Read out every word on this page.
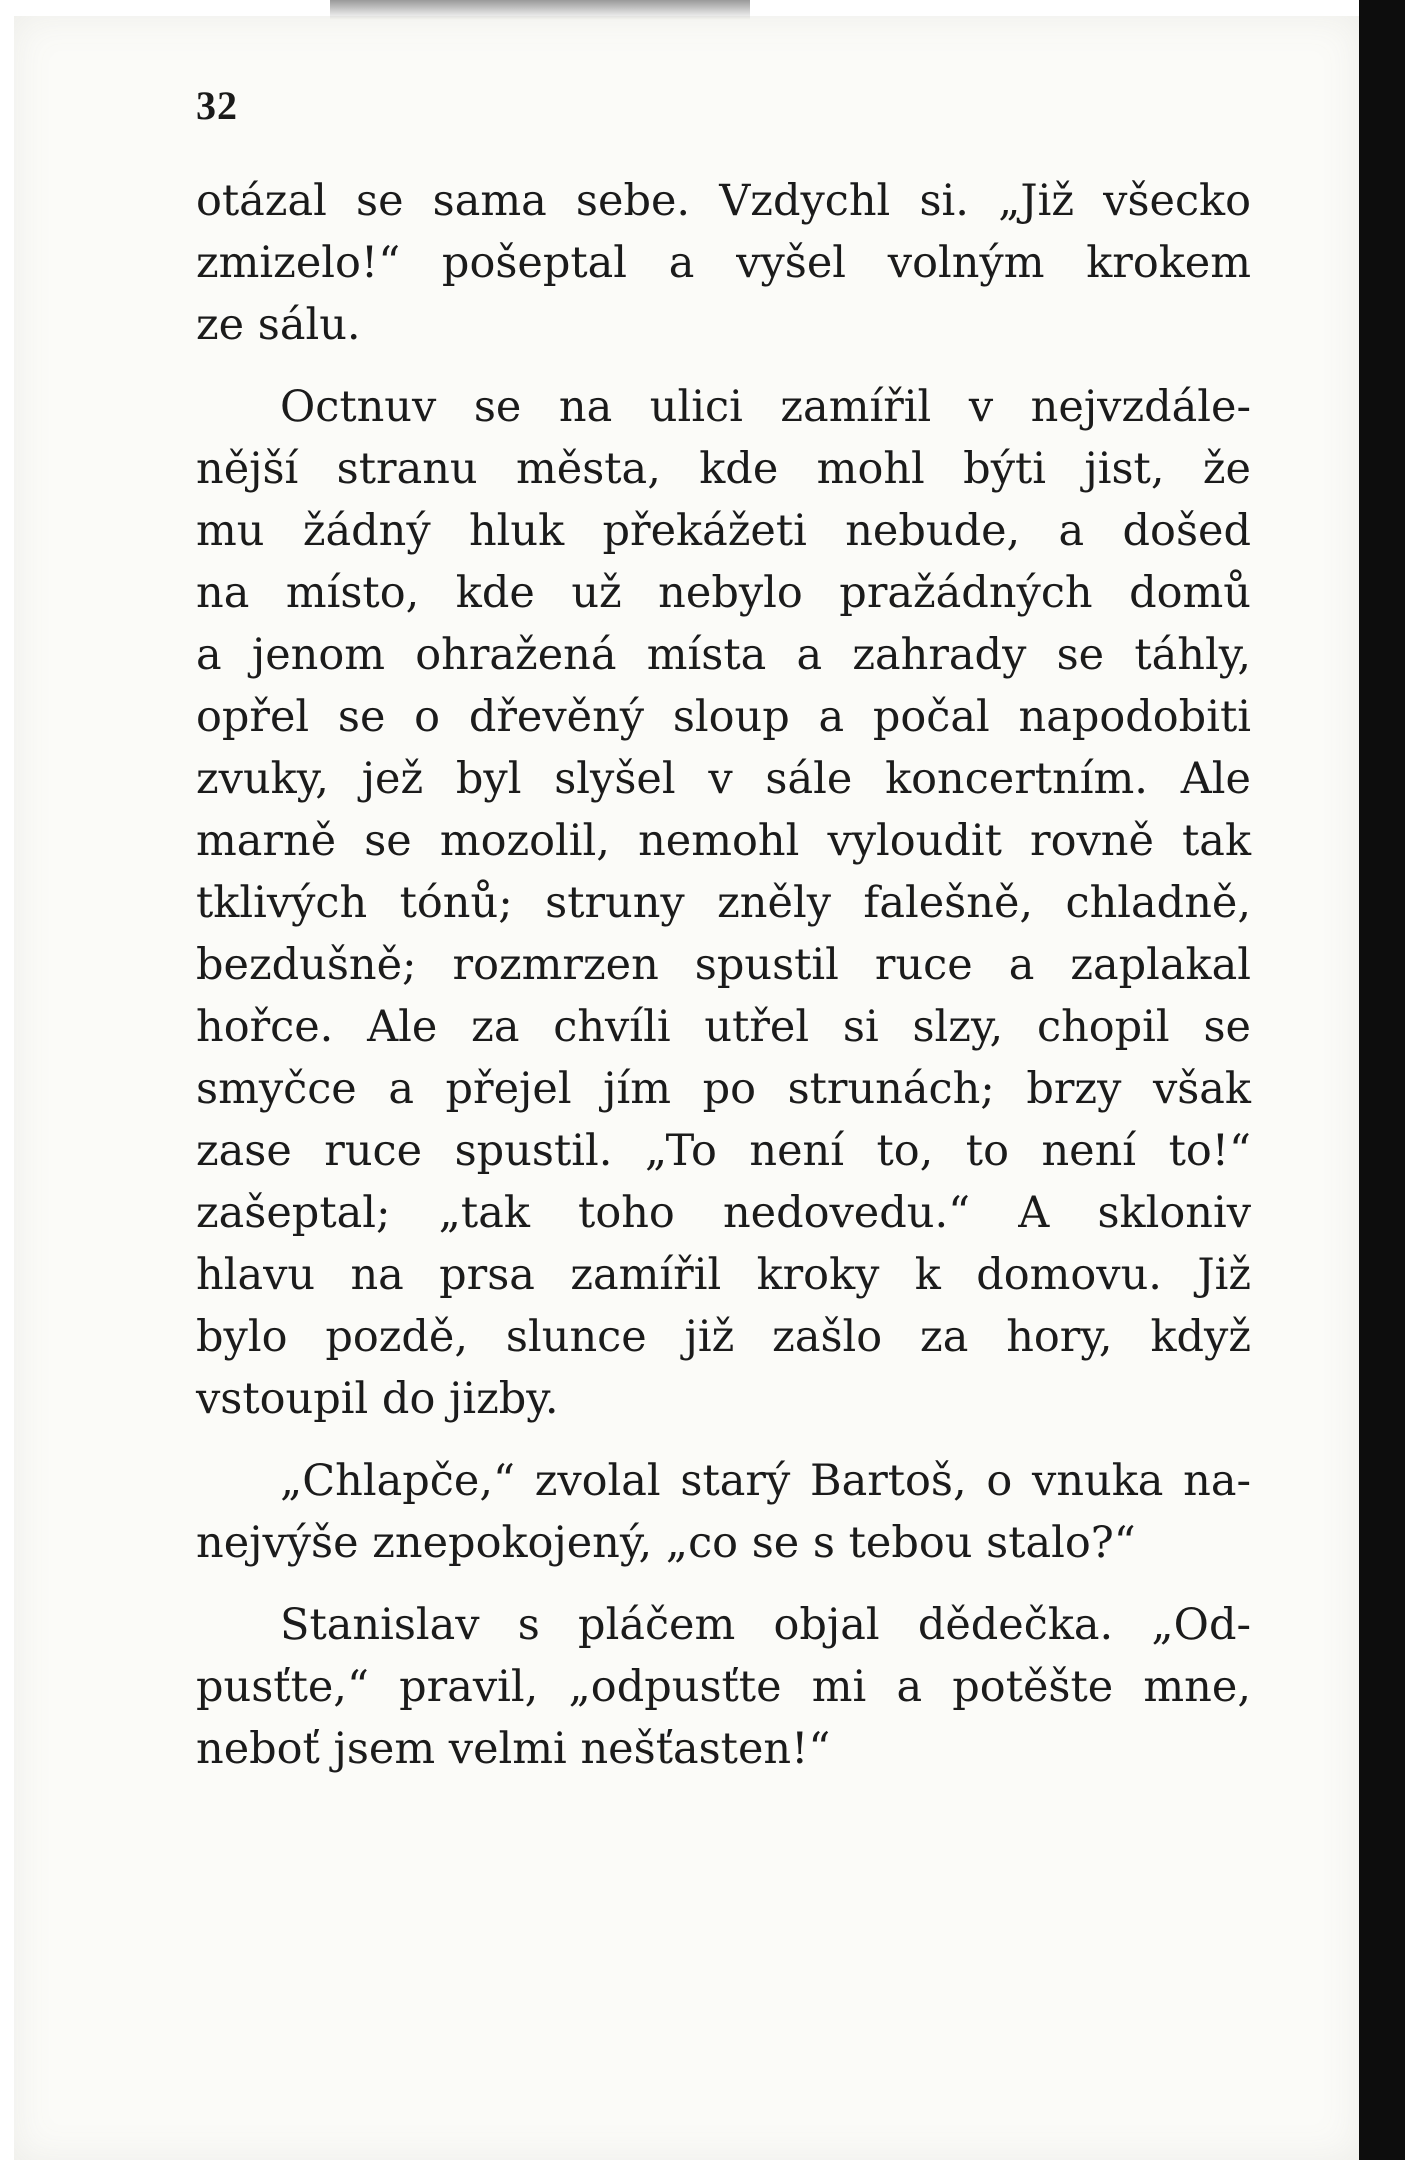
32
otázal se sama sebe. Vzdychl si. „Již všecko
zmizelo!“ pošeptal a vyšel volným krokem
ze sálu.
Octnuv se na ulici zamířil v nejvzdále-
nější stranu města, kde mohl býti jist, že
mu žádný hluk překážeti nebude, a došed
na místo, kde už nebylo pražádných domů
a jenom ohražená místa a zahrady se táhly,
opřel se o dřevěný sloup a počal napodobiti
zvuky, jež byl slyšel v sále koncertním. Ale
marně se mozolil, nemohl vyloudit rovně tak
tklivých tónů; struny zněly falešně, chladně,
bezdušně; rozmrzen spustil ruce a zaplakal
hořce. Ale za chvíli utřel si slzy, chopil se
smyčce a přejel jím po strunách; brzy však
zase ruce spustil. „To není to, to není to!“
zašeptal; „tak toho nedovedu.“ A skloniv
hlavu na prsa zamířil kroky k domovu. Již
bylo pozdě, slunce již zašlo za hory, když
vstoupil do jizby.
„Chlapče,“ zvolal starý Bartoš, o vnuka na-
nejvýše znepokojený, „co se s tebou stalo?“
Stanislav s pláčem objal dědečka. „Od-
pusťte,“ pravil, „odpusťte mi a potěšte mne,
neboť jsem velmi nešťasten!“
